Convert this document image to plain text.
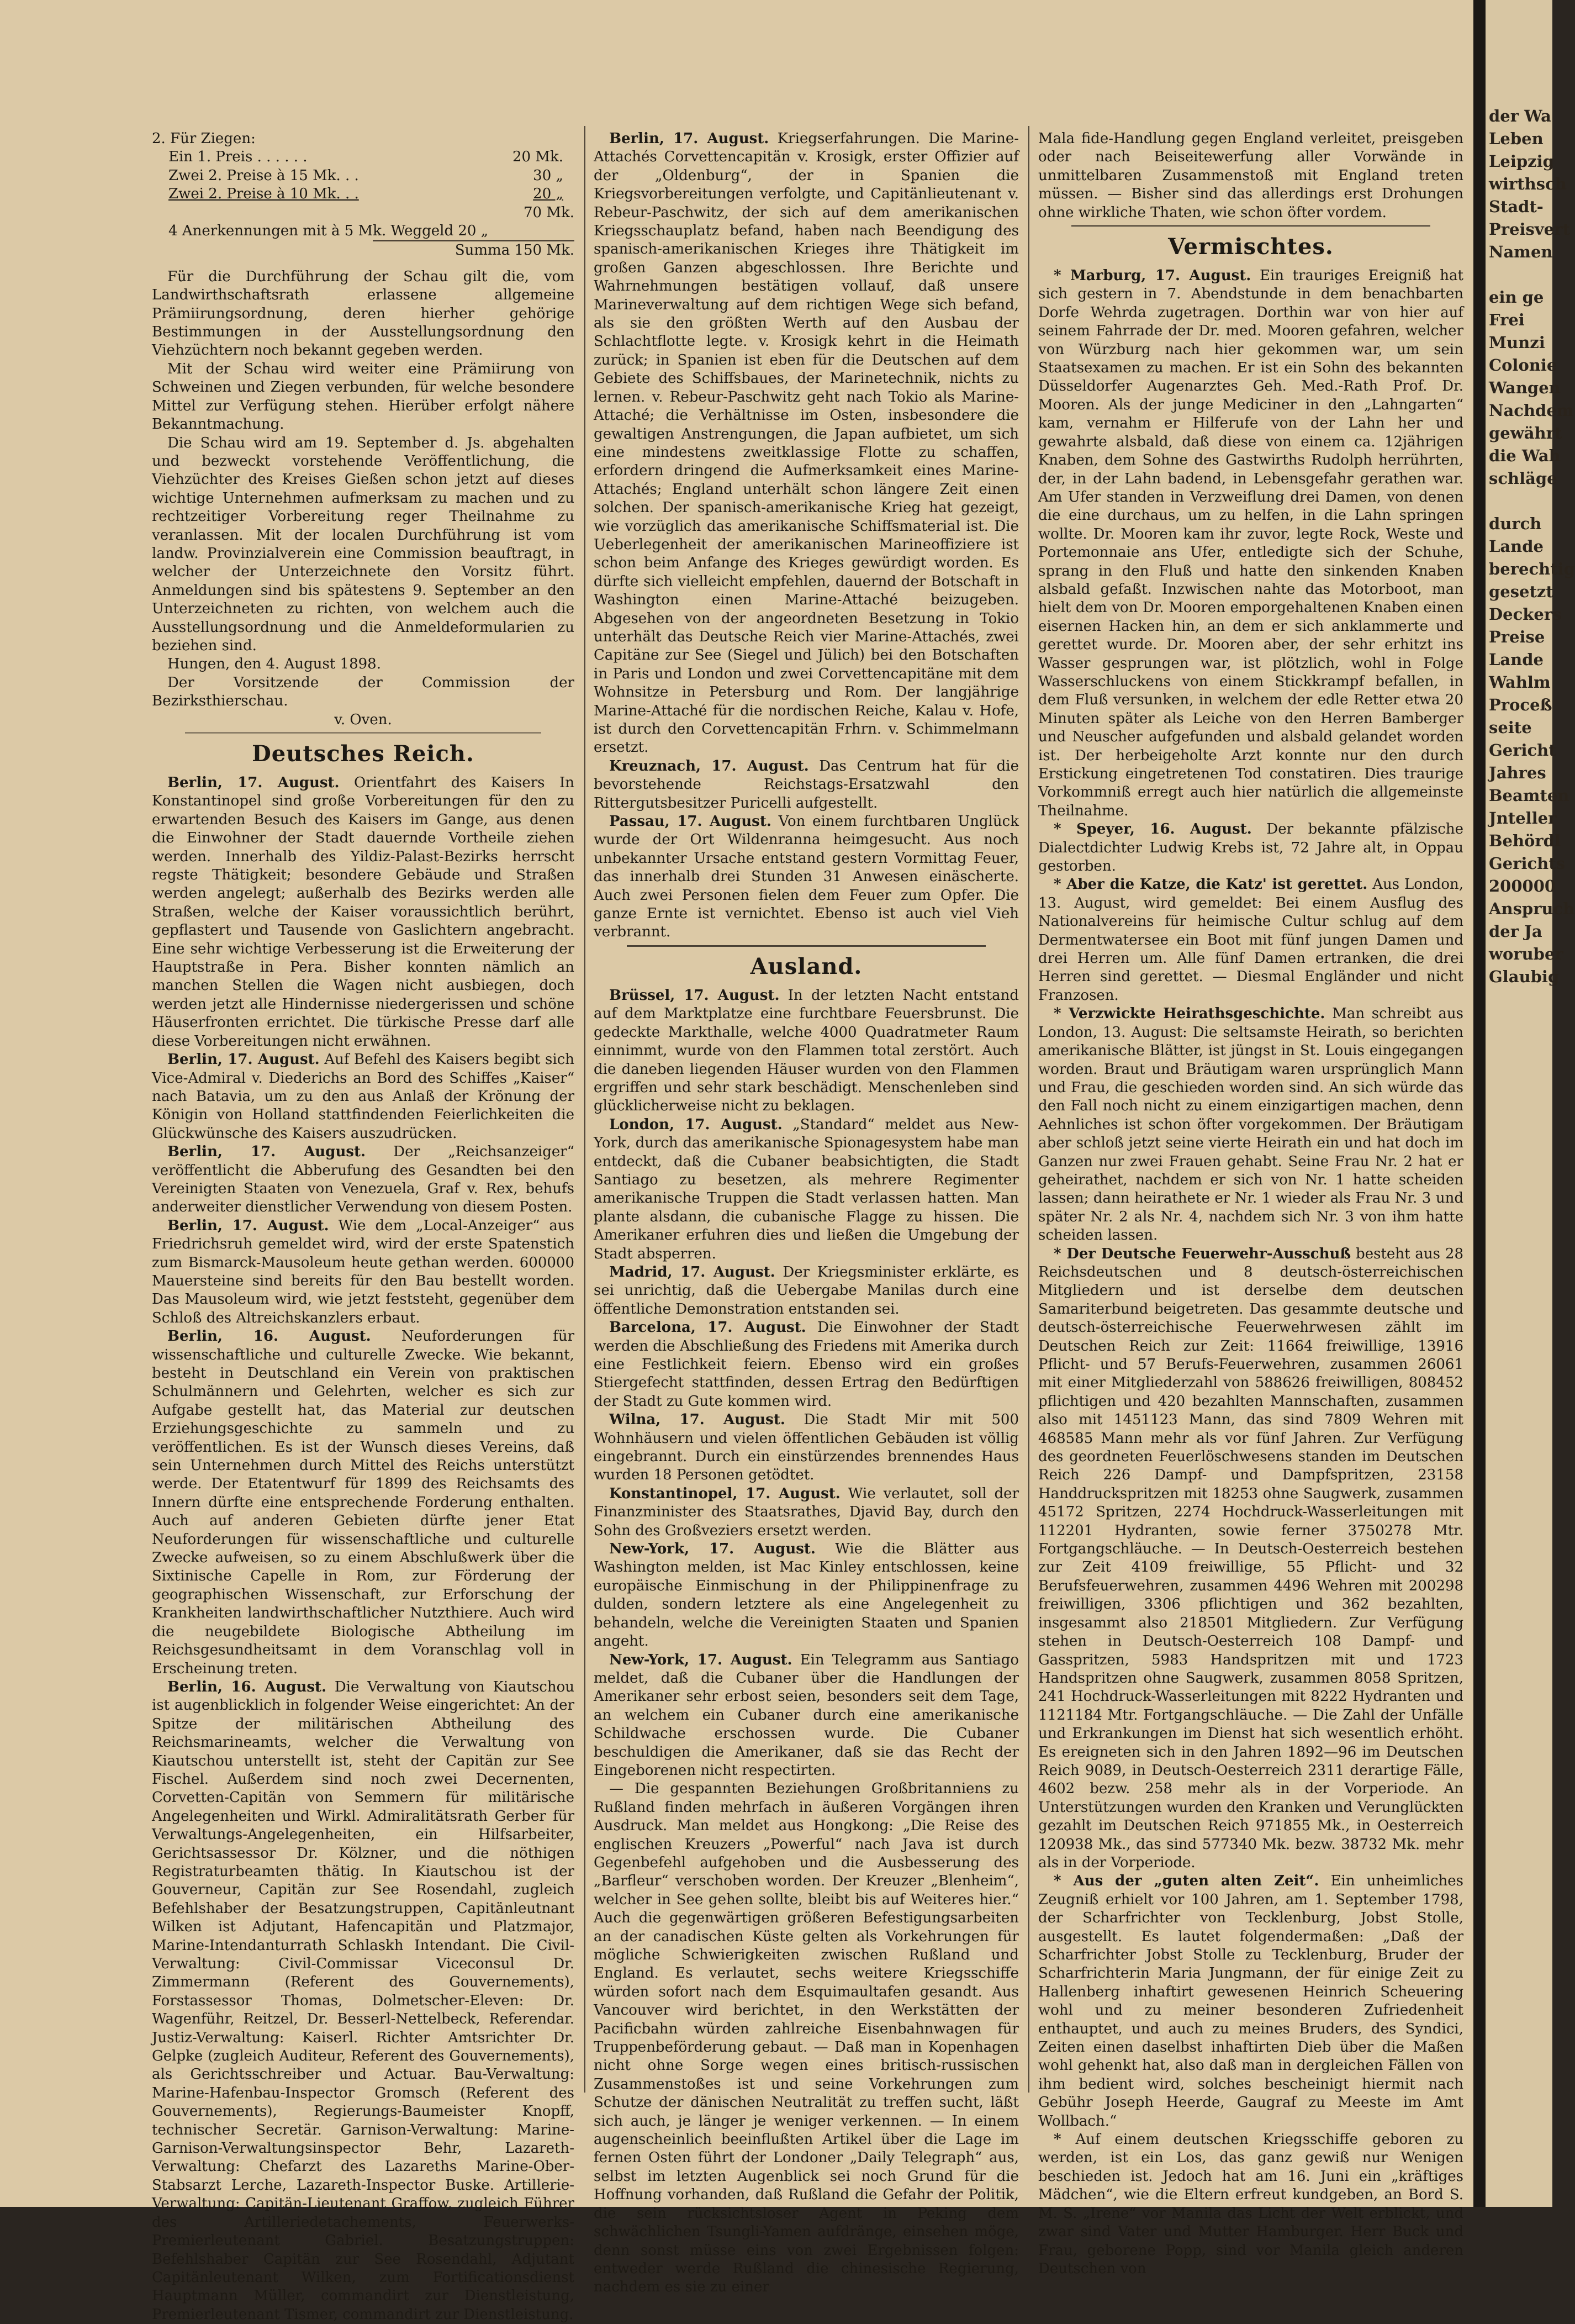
2. Für Ziegen:

Ein 1. Preis . . . . . .	20 Mk.
Zwei 2. Preise à 15 Mk. . .	30 „
Zwei 2. Preise à 10 Mk. . .	20 „
70 Mk.
4 Anerkennungen mit à 5 Mk. Weggeld 20 „
Summa 150 Mk.

Für die Durchführung der Schau gilt die, vom Landwirthschaftsrath erlassene allgemeine Prämiirungsordnung, deren hierher gehörige Bestimmungen in der Ausstellungsordnung den Viehzüchtern noch bekannt gegeben werden.

Mit der Schau wird weiter eine Prämiirung von Schweinen und Ziegen verbunden, für welche besondere Mittel zur Verfügung stehen. Hierüber erfolgt nähere Bekanntmachung.

Die Schau wird am 19. September d. Js. abgehalten und bezweckt vorstehende Veröffentlichung, die Viehzüchter des Kreises Gießen schon jetzt auf dieses wichtige Unternehmen aufmerksam zu machen und zu rechtzeitiger Vorbereitung reger Theilnahme zu veranlassen. Mit der localen Durchführung ist vom landw. Provinzialverein eine Commission beauftragt, in welcher der Unterzeichnete den Vorsitz führt. Anmeldungen sind bis spätestens 9. September an den Unterzeichneten zu richten, von welchem auch die Ausstellungsordnung und die Anmeldeformularien zu beziehen sind.

Hungen, den 4. August 1898.

Der Vorsitzende der Commission der Bezirksthierschau.

v. Oven.
Deutsches Reich.

Berlin, 17. August. Orientfahrt des Kaisers In Konstantinopel sind große Vorbereitungen für den zu erwartenden Besuch des Kaisers im Gange, aus denen die Einwohner der Stadt dauernde Vortheile ziehen werden. Innerhalb des Yildiz-Palast-Bezirks herrscht regste Thätigkeit; besondere Gebäude und Straßen werden angelegt; außerhalb des Bezirks werden alle Straßen, welche der Kaiser voraussichtlich berührt, gepflastert und Tausende von Gaslichtern angebracht. Eine sehr wichtige Verbesserung ist die Erweiterung der Hauptstraße in Pera. Bisher konnten nämlich an manchen Stellen die Wagen nicht ausbiegen, doch werden jetzt alle Hindernisse niedergerissen und schöne Häuserfronten errichtet. Die türkische Presse darf alle diese Vorbereitungen nicht erwähnen.

Berlin, 17. August. Auf Befehl des Kaisers begibt sich Vice-Admiral v. Diederichs an Bord des Schiffes „Kaiser“ nach Batavia, um zu den aus Anlaß der Krönung der Königin von Holland stattfindenden Feierlichkeiten die Glückwünsche des Kaisers auszudrücken.

Berlin, 17. August. Der „Reichsanzeiger“ veröffentlicht die Abberufung des Gesandten bei den Vereinigten Staaten von Venezuela, Graf v. Rex, behufs anderweiter dienstlicher Verwendung von diesem Posten.

Berlin, 17. August. Wie dem „Local-Anzeiger“ aus Friedrichsruh gemeldet wird, wird der erste Spatenstich zum Bismarck-Mausoleum heute gethan werden. 600000 Mauersteine sind bereits für den Bau bestellt worden. Das Mausoleum wird, wie jetzt feststeht, gegenüber dem Schloß des Altreichskanzlers erbaut.

Berlin, 16. August. Neuforderungen für wissenschaftliche und culturelle Zwecke. Wie bekannt, besteht in Deutschland ein Verein von praktischen Schulmännern und Gelehrten, welcher es sich zur Aufgabe gestellt hat, das Material zur deutschen Erziehungsgeschichte zu sammeln und zu veröffentlichen. Es ist der Wunsch dieses Vereins, daß sein Unternehmen durch Mittel des Reichs unterstützt werde. Der Etatentwurf für 1899 des Reichsamts des Innern dürfte eine entsprechende Forderung enthalten. Auch auf anderen Gebieten dürfte jener Etat Neuforderungen für wissenschaftliche und culturelle Zwecke aufweisen, so zu einem Abschlußwerk über die Sixtinische Capelle in Rom, zur Förderung der geographischen Wissenschaft, zur Erforschung der Krankheiten landwirthschaftlicher Nutzthiere. Auch wird die neugebildete Biologische Abtheilung im Reichsgesundheitsamt in dem Voranschlag voll in Erscheinung treten.

Berlin, 16. August. Die Verwaltung von Kiautschou ist augenblicklich in folgender Weise eingerichtet: An der Spitze der militärischen Abtheilung des Reichsmarineamts, welcher die Verwaltung von Kiautschou unterstellt ist, steht der Capitän zur See Fischel. Außerdem sind noch zwei Decernenten, Corvetten-Capitän von Semmern für militärische Angelegenheiten und Wirkl. Admiralitätsrath Gerber für Verwaltungs-Angelegenheiten, ein Hilfsarbeiter, Gerichtsassessor Dr. Kölzner, und die nöthigen Registraturbeamten thätig. In Kiautschou ist der Gouverneur, Capitän zur See Rosendahl, zugleich Befehlshaber der Besatzungstruppen, Capitänleutnant Wilken ist Adjutant, Hafencapitän und Platzmajor, Marine-Intendanturrath Schlaskh Intendant. Die Civil-Verwaltung: Civil-Commissar Viceconsul Dr. Zimmermann (Referent des Gouvernements), Forstassessor Thomas, Dolmetscher-Eleven: Dr. Wagenführ, Reitzel, Dr. Besserl-Nettelbeck, Referendar. Justiz-Verwaltung: Kaiserl. Richter Amtsrichter Dr. Gelpke (zugleich Auditeur, Referent des Gouvernements), als Gerichtsschreiber und Actuar. Bau-Verwaltung: Marine-Hafenbau-Inspector Gromsch (Referent des Gouvernements), Regierungs-Baumeister Knopff, technischer Secretär. Garnison-Verwaltung: Marine-Garnison-Verwaltungsinspector Behr, Lazareth-Verwaltung: Chefarzt des Lazareths Marine-Ober-Stabsarzt Lerche, Lazareth-Inspector Buske. Artillerie-Verwaltung: Capitän-Lieutenant Graffow, zugleich Führer des Artilleriedetachements, Feuerwerks-Premierleutenant Gabriel. Besatzungstruppen: Befehlshaber Capitän zur See Rosendahl, Adjutant Capitänleutenant Wilken, zum Fortificationsdienst Hauptmann Müller, commandirt zur Dienstleistung, Premierleutenant Tismer, commandirt zur Dienstleistung.

Berlin, 17. August. Kriegserfahrungen. Die Marine-Attachés Corvettencapitän v. Krosigk, erster Offizier auf der „Oldenburg“, der in Spanien die Kriegsvorbereitungen verfolgte, und Capitänlieutenant v. Rebeur-Paschwitz, der sich auf dem amerikanischen Kriegsschauplatz befand, haben nach Beendigung des spanisch-amerikanischen Krieges ihre Thätigkeit im großen Ganzen abgeschlossen. Ihre Berichte und Wahrnehmungen bestätigen vollauf, daß unsere Marineverwaltung auf dem richtigen Wege sich befand, als sie den größten Werth auf den Ausbau der Schlachtflotte legte. v. Krosigk kehrt in die Heimath zurück; in Spanien ist eben für die Deutschen auf dem Gebiete des Schiffsbaues, der Marinetechnik, nichts zu lernen. v. Rebeur-Paschwitz geht nach Tokio als Marine-Attaché; die Verhältnisse im Osten, insbesondere die gewaltigen Anstrengungen, die Japan aufbietet, um sich eine mindestens zweitklassige Flotte zu schaffen, erfordern dringend die Aufmerksamkeit eines Marine-Attachés; England unterhält schon längere Zeit einen solchen. Der spanisch-amerikanische Krieg hat gezeigt, wie vorzüglich das amerikanische Schiffsmaterial ist. Die Ueberlegenheit der amerikanischen Marineoffiziere ist schon beim Anfange des Krieges gewürdigt worden. Es dürfte sich vielleicht empfehlen, dauernd der Botschaft in Washington einen Marine-Attaché beizugeben. Abgesehen von der angeordneten Besetzung in Tokio unterhält das Deutsche Reich vier Marine-Attachés, zwei Capitäne zur See (Siegel und Jülich) bei den Botschaften in Paris und London und zwei Corvettencapitäne mit dem Wohnsitze in Petersburg und Rom. Der langjährige Marine-Attaché für die nordischen Reiche, Kalau v. Hofe, ist durch den Corvettencapitän Frhrn. v. Schimmelmann ersetzt.

Kreuznach, 17. August. Das Centrum hat für die bevorstehende Reichstags-Ersatzwahl den Rittergutsbesitzer Puricelli aufgestellt.

Passau, 17. August. Von einem furchtbaren Unglück wurde der Ort Wildenranna heimgesucht. Aus noch unbekannter Ursache entstand gestern Vormittag Feuer, das innerhalb drei Stunden 31 Anwesen einäscherte. Auch zwei Personen fielen dem Feuer zum Opfer. Die ganze Ernte ist vernichtet. Ebenso ist auch viel Vieh verbrannt.

Ausland.

Brüssel, 17. August. In der letzten Nacht entstand auf dem Marktplatze eine furchtbare Feuersbrunst. Die gedeckte Markthalle, welche 4000 Quadratmeter Raum einnimmt, wurde von den Flammen total zerstört. Auch die daneben liegenden Häuser wurden von den Flammen ergriffen und sehr stark beschädigt. Menschenleben sind glücklicherweise nicht zu beklagen.

London, 17. August. „Standard“ meldet aus New-York, durch das amerikanische Spionagesystem habe man entdeckt, daß die Cubaner beabsichtigten, die Stadt Santiago zu besetzen, als mehrere Regimenter amerikanische Truppen die Stadt verlassen hatten. Man plante alsdann, die cubanische Flagge zu hissen. Die Amerikaner erfuhren dies und ließen die Umgebung der Stadt absperren.

Madrid, 17. August. Der Kriegsminister erklärte, es sei unrichtig, daß die Uebergabe Manilas durch eine öffentliche Demonstration entstanden sei.

Barcelona, 17. August. Die Einwohner der Stadt werden die Abschließung des Friedens mit Amerika durch eine Festlichkeit feiern. Ebenso wird ein großes Stiergefecht stattfinden, dessen Ertrag den Bedürftigen der Stadt zu Gute kommen wird.

Wilna, 17. August. Die Stadt Mir mit 500 Wohnhäusern und vielen öffentlichen Gebäuden ist völlig eingebrannt. Durch ein einstürzendes brennendes Haus wurden 18 Personen getödtet.

Konstantinopel, 17. August. Wie verlautet, soll der Finanzminister des Staatsrathes, Djavid Bay, durch den Sohn des Großveziers ersetzt werden.

New-York, 17. August. Wie die Blätter aus Washington melden, ist Mac Kinley entschlossen, keine europäische Einmischung in der Philippinenfrage zu dulden, sondern letztere als eine Angelegenheit zu behandeln, welche die Vereinigten Staaten und Spanien angeht.

New-York, 17. August. Ein Telegramm aus Santiago meldet, daß die Cubaner über die Handlungen der Amerikaner sehr erbost seien, besonders seit dem Tage, an welchem ein Cubaner durch eine amerikanische Schildwache erschossen wurde. Die Cubaner beschuldigen die Amerikaner, daß sie das Recht der Eingeborenen nicht respectirten.

— Die gespannten Beziehungen Großbritanniens zu Rußland finden mehrfach in äußeren Vorgängen ihren Ausdruck. Man meldet aus Hongkong: „Die Reise des englischen Kreuzers „Powerful“ nach Java ist durch Gegenbefehl aufgehoben und die Ausbesserung des „Barfleur“ verschoben worden. Der Kreuzer „Blenheim“, welcher in See gehen sollte, bleibt bis auf Weiteres hier.“ Auch die gegenwärtigen größeren Befestigungsarbeiten an der canadischen Küste gelten als Vorkehrungen für mögliche Schwierigkeiten zwischen Rußland und England. Es verlautet, sechs weitere Kriegsschiffe würden sofort nach dem Esquimaultafen gesandt. Aus Vancouver wird berichtet, in den Werkstätten der Pacificbahn würden zahlreiche Eisenbahnwagen für Truppenbeförderung gebaut. — Daß man in Kopenhagen nicht ohne Sorge wegen eines britisch-russischen Zusammenstoßes ist und seine Vorkehrungen zum Schutze der dänischen Neutralität zu treffen sucht, läßt sich auch, je länger je weniger verkennen. — In einem augenscheinlich beeinflußten Artikel über die Lage im fernen Osten führt der Londoner „Daily Telegraph“ aus, selbst im letzten Augenblick sei noch Grund für die Hoffnung vorhanden, daß Rußland die Gefahr der Politik, die sein rücksichtsloser Agent in Peking dem schwächlichen Tsungli-Yamen aufdränge, einsehen möge, denn sonst müsse eins von zwei Ergebnissen folgen: entweder werde Rußland die chinesische Regierung, nachdem es sie zu einer

Mala fide-Handlung gegen England verleitet, preisgeben oder nach Beiseitewerfung aller Vorwände in unmittelbaren Zusammenstoß mit England treten müssen. — Bisher sind das allerdings erst Drohungen ohne wirkliche Thaten, wie schon öfter vordem.

Vermischtes.

* Marburg, 17. August. Ein trauriges Ereigniß hat sich gestern in 7. Abendstunde in dem benachbarten Dorfe Wehrda zugetragen. Dorthin war von hier auf seinem Fahrrade der Dr. med. Mooren gefahren, welcher von Würzburg nach hier gekommen war, um sein Staatsexamen zu machen. Er ist ein Sohn des bekannten Düsseldorfer Augenarztes Geh. Med.-Rath Prof. Dr. Mooren. Als der junge Mediciner in den „Lahngarten“ kam, vernahm er Hilferufe von der Lahn her und gewahrte alsbald, daß diese von einem ca. 12jährigen Knaben, dem Sohne des Gastwirths Rudolph herrührten, der, in der Lahn badend, in Lebensgefahr gerathen war. Am Ufer standen in Verzweiflung drei Damen, von denen die eine durchaus, um zu helfen, in die Lahn springen wollte. Dr. Mooren kam ihr zuvor, legte Rock, Weste und Portemonnaie ans Ufer, entledigte sich der Schuhe, sprang in den Fluß und hatte den sinkenden Knaben alsbald gefaßt. Inzwischen nahte das Motorboot, man hielt dem von Dr. Mooren emporgehaltenen Knaben einen eisernen Hacken hin, an dem er sich anklammerte und gerettet wurde. Dr. Mooren aber, der sehr erhitzt ins Wasser gesprungen war, ist plötzlich, wohl in Folge Wasserschluckens von einem Stickkrampf befallen, in dem Fluß versunken, in welchem der edle Retter etwa 20 Minuten später als Leiche von den Herren Bamberger und Neuscher aufgefunden und alsbald gelandet worden ist. Der herbeigeholte Arzt konnte nur den durch Erstickung eingetretenen Tod constatiren. Dies traurige Vorkommniß erregt auch hier natürlich die allgemeinste Theilnahme.

* Speyer, 16. August. Der bekannte pfälzische Dialectdichter Ludwig Krebs ist, 72 Jahre alt, in Oppau gestorben.

* Aber die Katze, die Katz' ist gerettet. Aus London, 13. August, wird gemeldet: Bei einem Ausflug des Nationalvereins für heimische Cultur schlug auf dem Dermentwatersee ein Boot mit fünf jungen Damen und drei Herren um. Alle fünf Damen ertranken, die drei Herren sind gerettet. — Diesmal Engländer und nicht Franzosen.

* Verzwickte Heirathsgeschichte. Man schreibt aus London, 13. August: Die seltsamste Heirath, so berichten amerikanische Blätter, ist jüngst in St. Louis eingegangen worden. Braut und Bräutigam waren ursprünglich Mann und Frau, die geschieden worden sind. An sich würde das den Fall noch nicht zu einem einzigartigen machen, denn Aehnliches ist schon öfter vorgekommen. Der Bräutigam aber schloß jetzt seine vierte Heirath ein und hat doch im Ganzen nur zwei Frauen gehabt. Seine Frau Nr. 2 hat er geheirathet, nachdem er sich von Nr. 1 hatte scheiden lassen; dann heirathete er Nr. 1 wieder als Frau Nr. 3 und später Nr. 2 als Nr. 4, nachdem sich Nr. 3 von ihm hatte scheiden lassen.

* Der Deutsche Feuerwehr-Ausschuß besteht aus 28 Reichsdeutschen und 8 deutsch-österreichischen Mitgliedern und ist derselbe dem deutschen Samariterbund beigetreten. Das gesammte deutsche und deutsch-österreichische Feuerwehrwesen zählt im Deutschen Reich zur Zeit: 11664 freiwillige, 13916 Pflicht- und 57 Berufs-Feuerwehren, zusammen 26061 mit einer Mitgliederzahl von 588626 freiwilligen, 808452 pflichtigen und 420 bezahlten Mannschaften, zusammen also mit 1451123 Mann, das sind 7809 Wehren mit 468585 Mann mehr als vor fünf Jahren. Zur Verfügung des geordneten Feuerlöschwesens standen im Deutschen Reich 226 Dampf- und Dampfspritzen, 23158 Handdruckspritzen mit 18253 ohne Saugwerk, zusammen 45172 Spritzen, 2274 Hochdruck-Wasserleitungen mit 112201 Hydranten, sowie ferner 3750278 Mtr. Fortgangschläuche. — In Deutsch-Oesterreich bestehen zur Zeit 4109 freiwillige, 55 Pflicht- und 32 Berufsfeuerwehren, zusammen 4496 Wehren mit 200298 freiwilligen, 3306 pflichtigen und 362 bezahlten, insgesammt also 218501 Mitgliedern. Zur Verfügung stehen in Deutsch-Oesterreich 108 Dampf- und Gasspritzen, 5983 Handspritzen mit und 1723 Handspritzen ohne Saugwerk, zusammen 8058 Spritzen, 241 Hochdruck-Wasserleitungen mit 8222 Hydranten und 1121184 Mtr. Fortgangschläuche. — Die Zahl der Unfälle und Erkrankungen im Dienst hat sich wesentlich erhöht. Es ereigneten sich in den Jahren 1892—96 im Deutschen Reich 9089, in Deutsch-Oesterreich 2311 derartige Fälle, 4602 bezw. 258 mehr als in der Vorperiode. An Unterstützungen wurden den Kranken und Verunglückten gezahlt im Deutschen Reich 971855 Mk., in Oesterreich 120938 Mk., das sind 577340 Mk. bezw. 38732 Mk. mehr als in der Vorperiode.

* Aus der „guten alten Zeit“. Ein unheimliches Zeugniß erhielt vor 100 Jahren, am 1. September 1798, der Scharfrichter von Tecklenburg, Jobst Stolle, ausgestellt. Es lautet folgendermaßen: „Daß der Scharfrichter Jobst Stolle zu Tecklenburg, Bruder der Scharfrichterin Maria Jungmann, der für einige Zeit zu Hallenberg inhaftirt gewesenen Heinrich Scheuering wohl und zu meiner besonderen Zufriedenheit enthauptet, und auch zu meines Bruders, des Syndici, Zeiten einen daselbst inhaftirten Dieb über die Maßen wohl gehenkt hat, also daß man in dergleichen Fällen von ihm bedient wird, solches bescheinigt hiermit nach Gebühr Joseph Heerde, Gaugraf zu Meeste im Amt Wollbach.“

* Auf einem deutschen Kriegsschiffe geboren zu werden, ist ein Los, das ganz gewiß nur Wenigen beschieden ist. Jedoch hat am 16. Juni ein „kräftiges Mädchen“, wie die Eltern erfreut kundgeben, an Bord S. M. S. „Irene“ vor Manila das Licht der Welt erblickt, und zwar sind Vater und Mutter Hamburger. Herr Buck und Frau, geborene Popp, sind vor Manila gleich anderen Deutschen von

der Wa
Leben
Leipzig
wirthsch
Stadt-
Preisvert
Namen

ein ge
Frei
Munzi
Colonie
Wangen
Nachdem
gewährt
die Wah
schläge

durch
Lande
berechtig
gesetzt
Deckers
Preise
Lande
Wahlm
Proceß
seite
Gericht
Jahres
Beamten
Jnteller
Behördl
Gerichts
200000
Anspruch
der Ja
woruber
Glaubig
